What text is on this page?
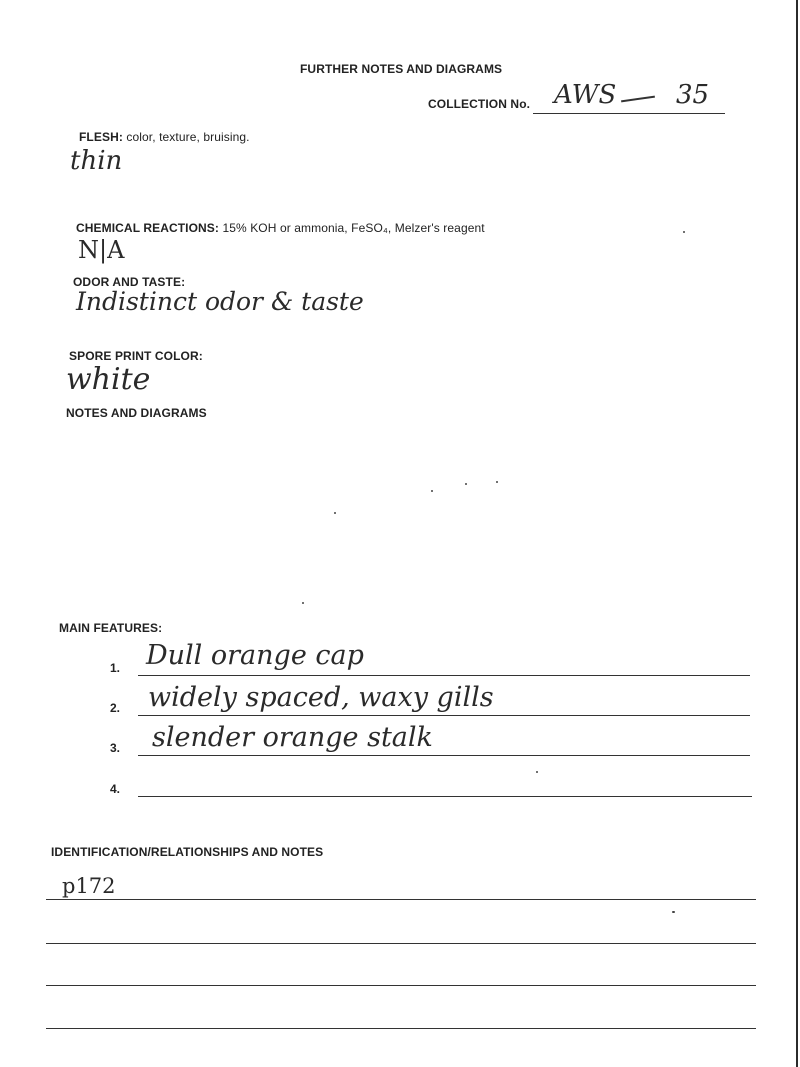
FURTHER NOTES AND DIAGRAMS
COLLECTION No. AWS 35
FLESH: color, texture, bruising.
thin
CHEMICAL REACTIONS: 15% KOH or ammonia, FeSO₄, Melzer's reagent
N|A
ODOR AND TASTE:
Indistinct odor & taste
SPORE PRINT COLOR:
white
NOTES AND DIAGRAMS
MAIN FEATURES:
1. Dull orange cap
2. widely spaced, waxy gills
3. slender orange stalk
4.
IDENTIFICATION/RELATIONSHIPS AND NOTES
p172
